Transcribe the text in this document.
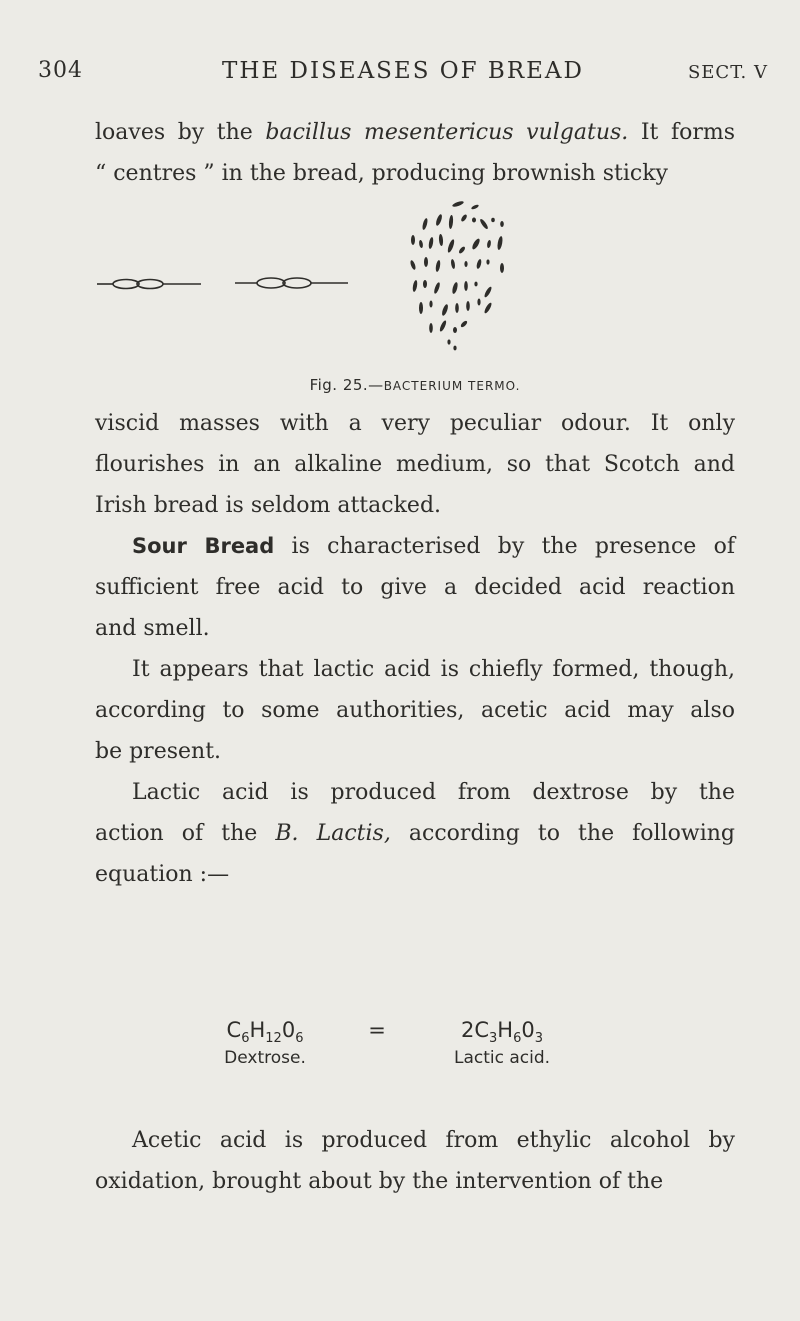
304	THE DISEASES OF BREAD	SECT. V

loaves by the bacillus mesentericus vulgatus. It forms
“ centres ” in the bread, producing brownish sticky

Fig. 25.—BACTERIUM TERMO.

viscid masses with a very peculiar odour. It only
flourishes in an alkaline medium, so that Scotch and
Irish bread is seldom attacked.

Sour Bread is characterised by the presence of
sufficient free acid to give a decided acid reaction
and smell.

It appears that lactic acid is chiefly formed, though,
according to some authorities, acetic acid may also
be present.

Lactic acid is produced from dextrose by the
action of the B. Lactis, according to the following
equation :—

$C_6H_{12}0_6$
Dextrose.
=	$2C_3H_60_3$
Lactic acid.

Acetic acid is produced from ethylic alcohol by
oxidation, brought about by the intervention of the
